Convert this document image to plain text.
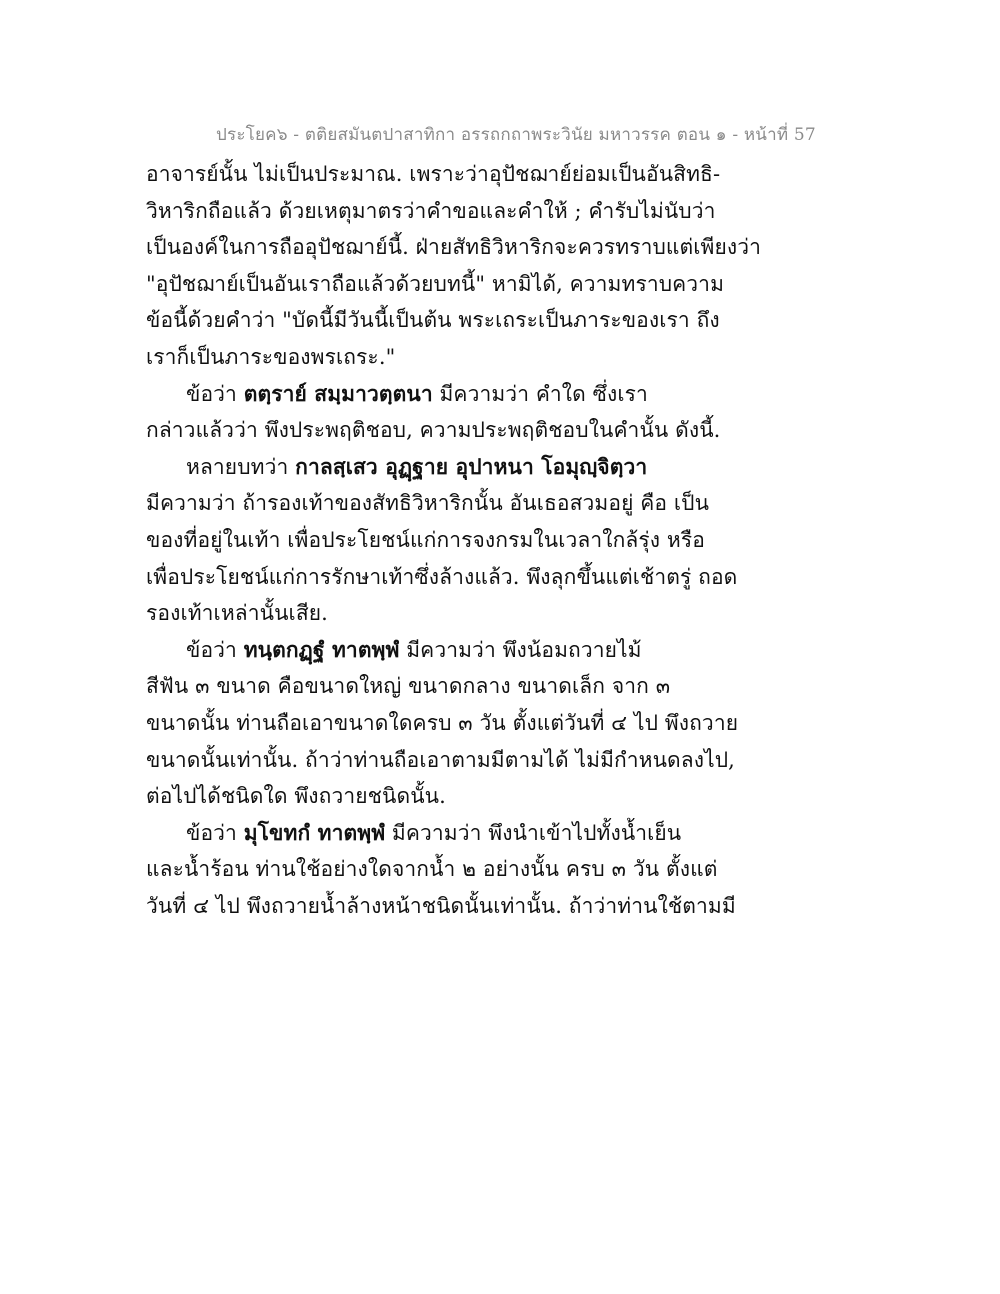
ประโยค๖ - ตติยสมันตปาสาทิกา อรรถกถาพระวินัย มหาวรรค ตอน ๑ - หน้าที่ 57
อาจารย์นั้น ไม่เป็นประมาณ. เพราะว่าอุปัชฌาย์ย่อมเป็นอันสิทธิ-
วิหาริกถือแล้ว ด้วยเหตุมาตรว่าคำขอและคำให้ ; คำรับไม่นับว่า
เป็นองค์ในการถืออุปัชฌาย์นี้. ฝ่ายสัทธิวิหาริกจะควรทราบแต่เพียงว่า
"อุปัชฌาย์เป็นอันเราถือแล้วด้วยบทนี้" หามิได้, ความทราบความ
ข้อนี้ด้วยคำว่า "บัดนี้มีวันนี้เป็นต้น พระเถระเป็นภาระของเรา ถึง
เราก็เป็นภาระของพรเถระ."
ข้อว่า ตตฺราย์ สมฺมาวตฺตนา มีความว่า คำใด ซึ่งเรา
กล่าวแล้วว่า พึงประพฤติชอบ, ความประพฤติชอบในคำนั้น ดังนี้.
หลายบทว่า กาลสฺเสว อุฏฺฐาย อุปาหนา โอมุญฺจิตฺวา
มีความว่า ถ้ารองเท้าของสัทธิวิหาริกนั้น อันเธอสวมอยู่ คือ เป็น
ของที่อยู่ในเท้า เพื่อประโยชน์แก่การจงกรมในเวลาใกล้รุ่ง หรือ
เพื่อประโยชน์แก่การรักษาเท้าซึ่งล้างแล้ว. พึงลุกขึ้นแต่เช้าตรู่ ถอด
รองเท้าเหล่านั้นเสีย.
ข้อว่า ทนฺตกฏฺฐํ ทาตพฺพํ มีความว่า พึงน้อมถวายไม้
สีฟัน ๓ ขนาด คือขนาดใหญ่ ขนาดกลาง ขนาดเล็ก จาก ๓
ขนาดนั้น ท่านถือเอาขนาดใดครบ ๓ วัน ตั้งแต่วันที่ ๔ ไป พึงถวาย
ขนาดนั้นเท่านั้น. ถ้าว่าท่านถือเอาตามมีตามได้ ไม่มีกำหนดลงไป,
ต่อไปได้ชนิดใด พึงถวายชนิดนั้น.
ข้อว่า มุโขทกํ ทาตพฺพํ มีความว่า พึงนำเข้าไปทั้งน้ำเย็น
และน้ำร้อน ท่านใช้อย่างใดจากน้ำ ๒ อย่างนั้น ครบ ๓ วัน ตั้งแต่
วันที่ ๔ ไป พึงถวายน้ำล้างหน้าชนิดนั้นเท่านั้น. ถ้าว่าท่านใช้ตามมี
